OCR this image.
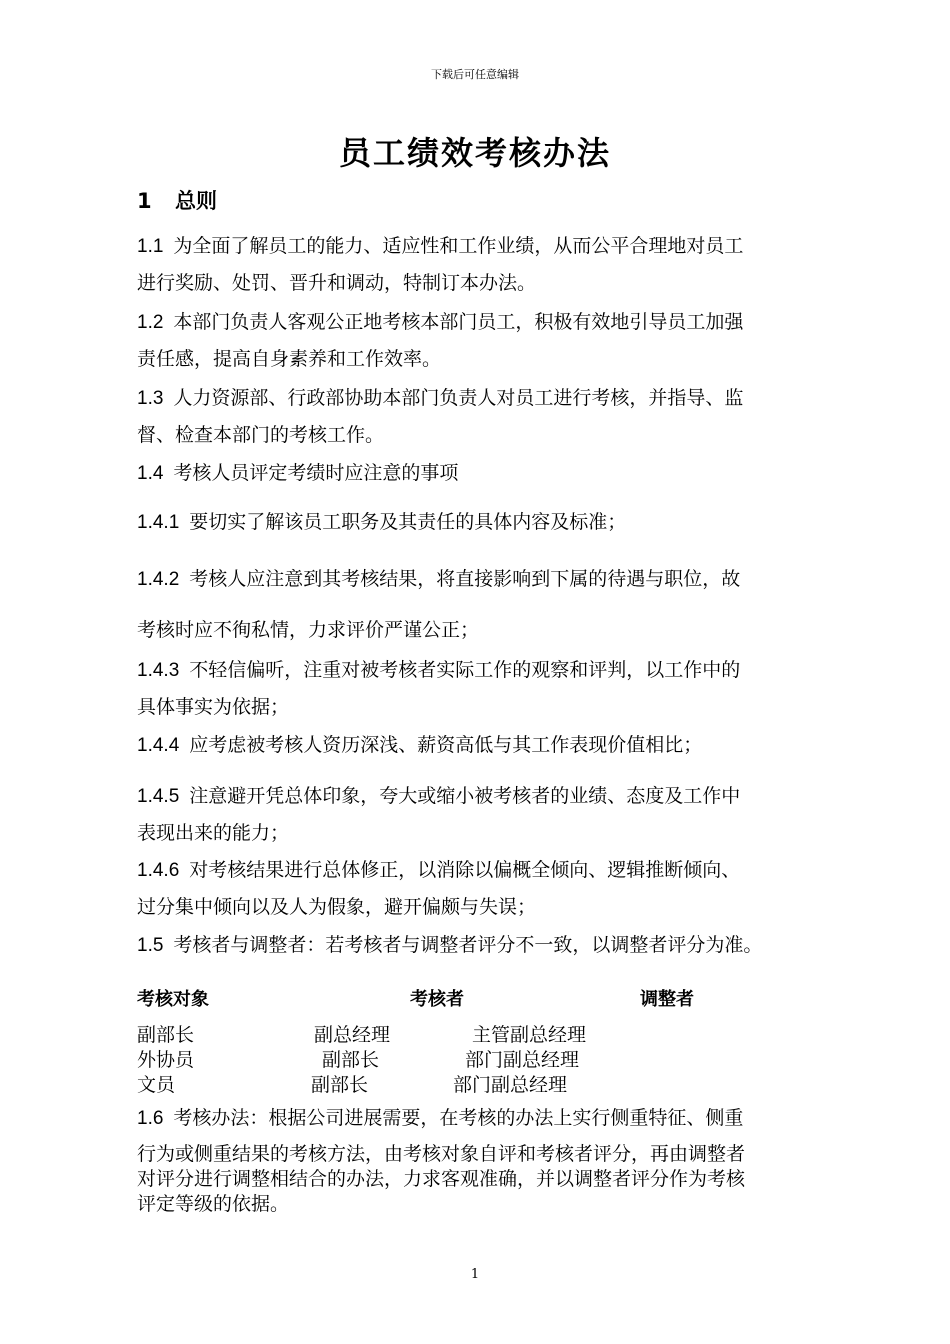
下载后可任意编辑
员工绩效考核办法
1 总则
1.1 为全面了解员工的能力、适应性和工作业绩，从而公平合理地对员工
进行奖励、处罚、晋升和调动，特制订本办法。
1.2 本部门负责人客观公正地考核本部门员工，积极有效地引导员工加强
责任感，提高自身素养和工作效率。
1.3 人力资源部、行政部协助本部门负责人对员工进行考核，并指导、监
督、检查本部门的考核工作。
1.4 考核人员评定考绩时应注意的事项
1.4.1 要切实了解该员工职务及其责任的具体内容及标准；
1.4.2 考核人应注意到其考核结果，将直接影响到下属的待遇与职位，故
考核时应不徇私情，力求评价严谨公正；
1.4.3 不轻信偏听，注重对被考核者实际工作的观察和评判，以工作中的
具体事实为依据；
1.4.4 应考虑被考核人资历深浅、薪资高低与其工作表现价值相比；
1.4.5 注意避开凭总体印象，夸大或缩小被考核者的业绩、态度及工作中
表现出来的能力；
1.4.6 对考核结果进行总体修正，以消除以偏概全倾向、逻辑推断倾向、
过分集中倾向以及人为假象，避开偏颇与失误；
1.5 考核者与调整者：若考核者与调整者评分不一致，以调整者评分为准。
考核对象	考核者	调整者
副部长	副总经理	主管副总经理
外协员	副部长	部门副总经理
文员	副部长	部门副总经理
1.6 考核办法：根据公司进展需要，在考核的办法上实行侧重特征、侧重
行为或侧重结果的考核方法，由考核对象自评和考核者评分，再由调整者
对评分进行调整相结合的办法，力求客观准确，并以调整者评分作为考核
评定等级的依据。
1
